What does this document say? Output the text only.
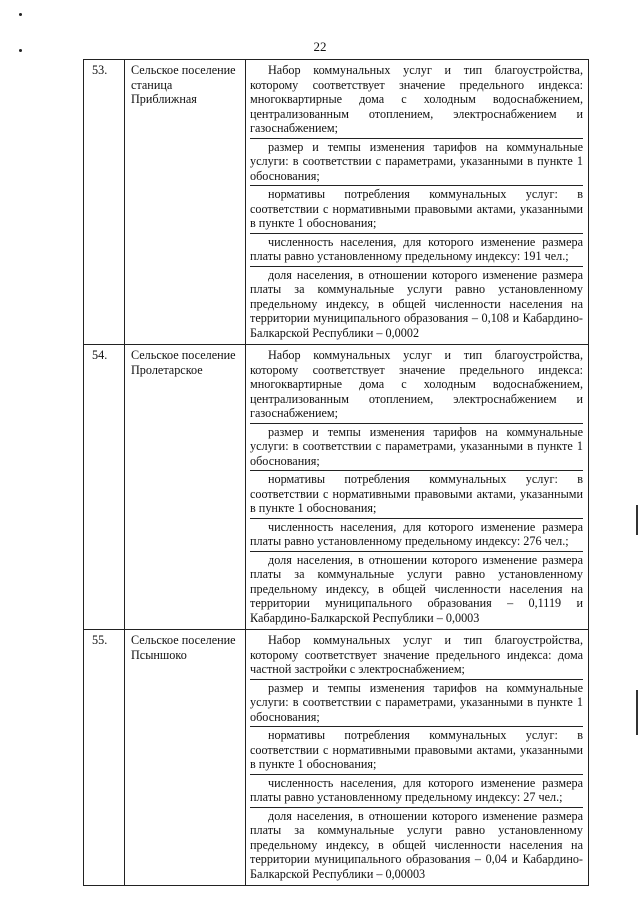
22
53.	Сельское поселение станица Приближная	Набор коммунальных услуг и тип благоустройства, которому соответствует значение предельного индекса: многоквартирные дома с холодным водоснабжением, централизованным отоплением, электроснабжением и газоснабжением;
размер и темпы изменения тарифов на коммунальные услуги: в соответствии с параметрами, указанными в пункте 1 обоснования;
нормативы потребления коммунальных услуг: в соответствии с нормативными правовыми актами, указанными в пункте 1 обоснования;
численность населения, для которого изменение размера платы равно установленному предельному индексу: 191 чел.;
доля населения, в отношении которого изменение размера платы за коммунальные услуги равно установленному предельному индексу, в общей численности населения на территории муниципального образования – 0,108 и Кабардино-Балкарской Республики – 0,0002

54.	Сельское поселение Пролетарское	Набор коммунальных услуг и тип благоустройства, которому соответствует значение предельного индекса: многоквартирные дома с холодным водоснабжением, централизованным отоплением, электроснабжением и газоснабжением;
размер и темпы изменения тарифов на коммунальные услуги: в соответствии с параметрами, указанными в пункте 1 обоснования;
нормативы потребления коммунальных услуг: в соответствии с нормативными правовыми актами, указанными в пункте 1 обоснования;
численность населения, для которого изменение размера платы равно установленному предельному индексу: 276 чел.;
доля населения, в отношении которого изменение размера платы за коммунальные услуги равно установленному предельному индексу, в общей численности населения на территории муниципального образования – 0,1119 и Кабардино-Балкарской Республики – 0,0003

55.	Сельское поселение Псыншоко	Набор коммунальных услуг и тип благоустройства, которому соответствует значение предельного индекса: дома частной застройки с электроснабжением;
размер и темпы изменения тарифов на коммунальные услуги: в соответствии с параметрами, указанными в пункте 1 обоснования;
нормативы потребления коммунальных услуг: в соответствии с нормативными правовыми актами, указанными в пункте 1 обоснования;
численность населения, для которого изменение размера платы равно установленному предельному индексу: 27 чел.;
доля населения, в отношении которого изменение размера платы за коммунальные услуги равно установленному предельному индексу, в общей численности населения на территории муниципального образования – 0,04 и Кабардино-Балкарской Республики – 0,00003
